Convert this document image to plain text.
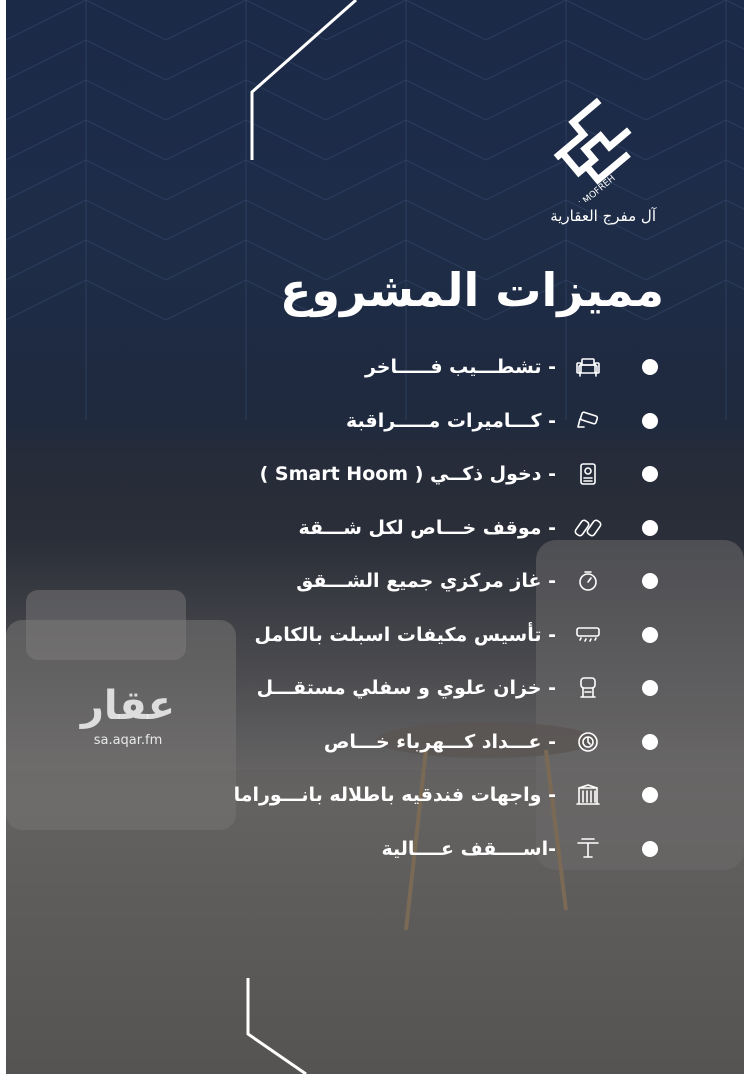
ALMOFREH
آل مفرج العقارية
مميزات المشروع
- تشطـــيب فـــــاخر
- كـــاميرات مـــــراقبة
- دخول ذكــي ( Smart Hoom )
- موقف خـــاص لكل شـــقة
- غاز مركزي جميع الشـــقق
- تأسيس مكيفات اسبلت بالكامل
- خزان علوي و سفلي مستقـــل
- عـــداد كـــهرباء خـــاص
- واجهات فندقيه باطلاله بانـــوراما
-اســــقف عــــالية
عقار
sa.aqar.fm
